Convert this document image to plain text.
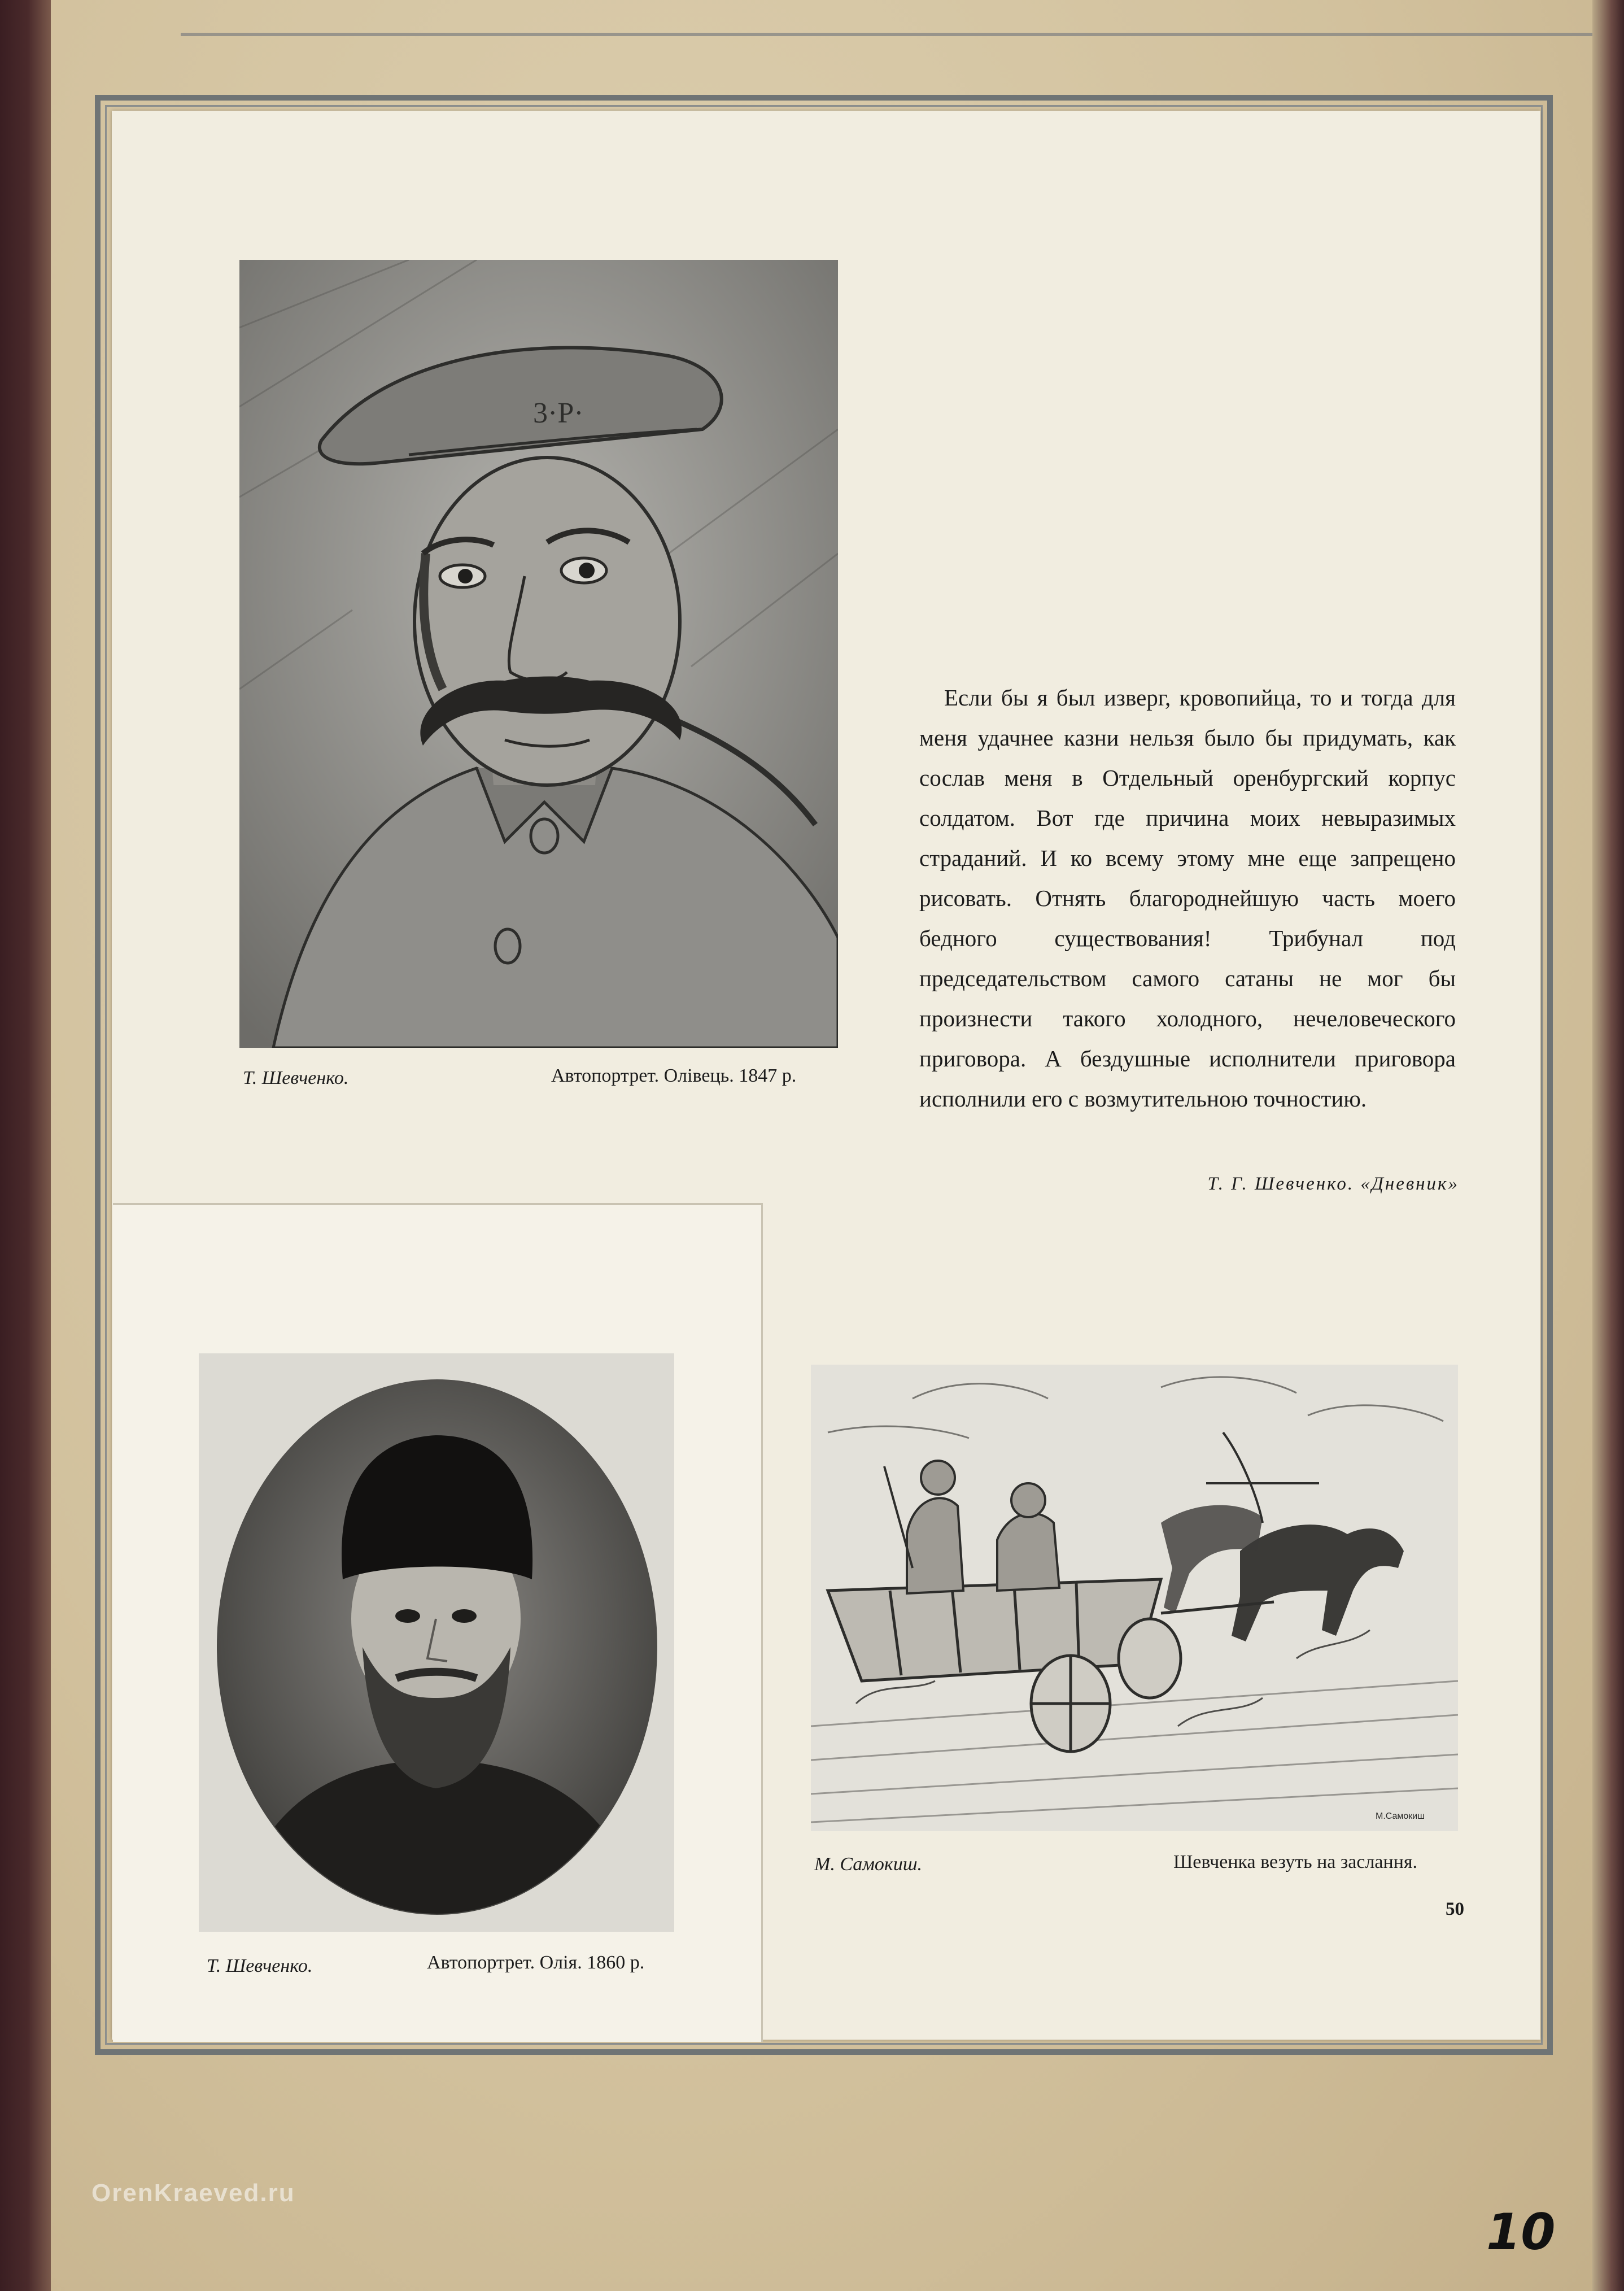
3·Р·
Т. Шевченко.	Автопортрет. Олівець. 1847 р.

Если бы я был изверг, кровопийца, то и тогда для меня удачнее казни нельзя было бы придумать, как сослав меня в Отдельный оренбургский корпус солдатом. Вот где причина моих невыразимых страданий. И ко всему этому мне еще запрещено рисовать. Отнять благороднейшую часть моего бедного существования! Трибунал под председательством самого сатаны не мог бы произнести такого холодного, нечеловеческого приговора. А бездушные исполнители приговора исполнили его с возмутительною точностию.

Т. Г. Шевченко. «Дневник»
Т. Шевченко.	Автопортрет. Олія. 1860 р.
М.Самокиш
М. Самокиш.	Шевченка везуть на заслання.
50
10
OrenKraeved.ru
